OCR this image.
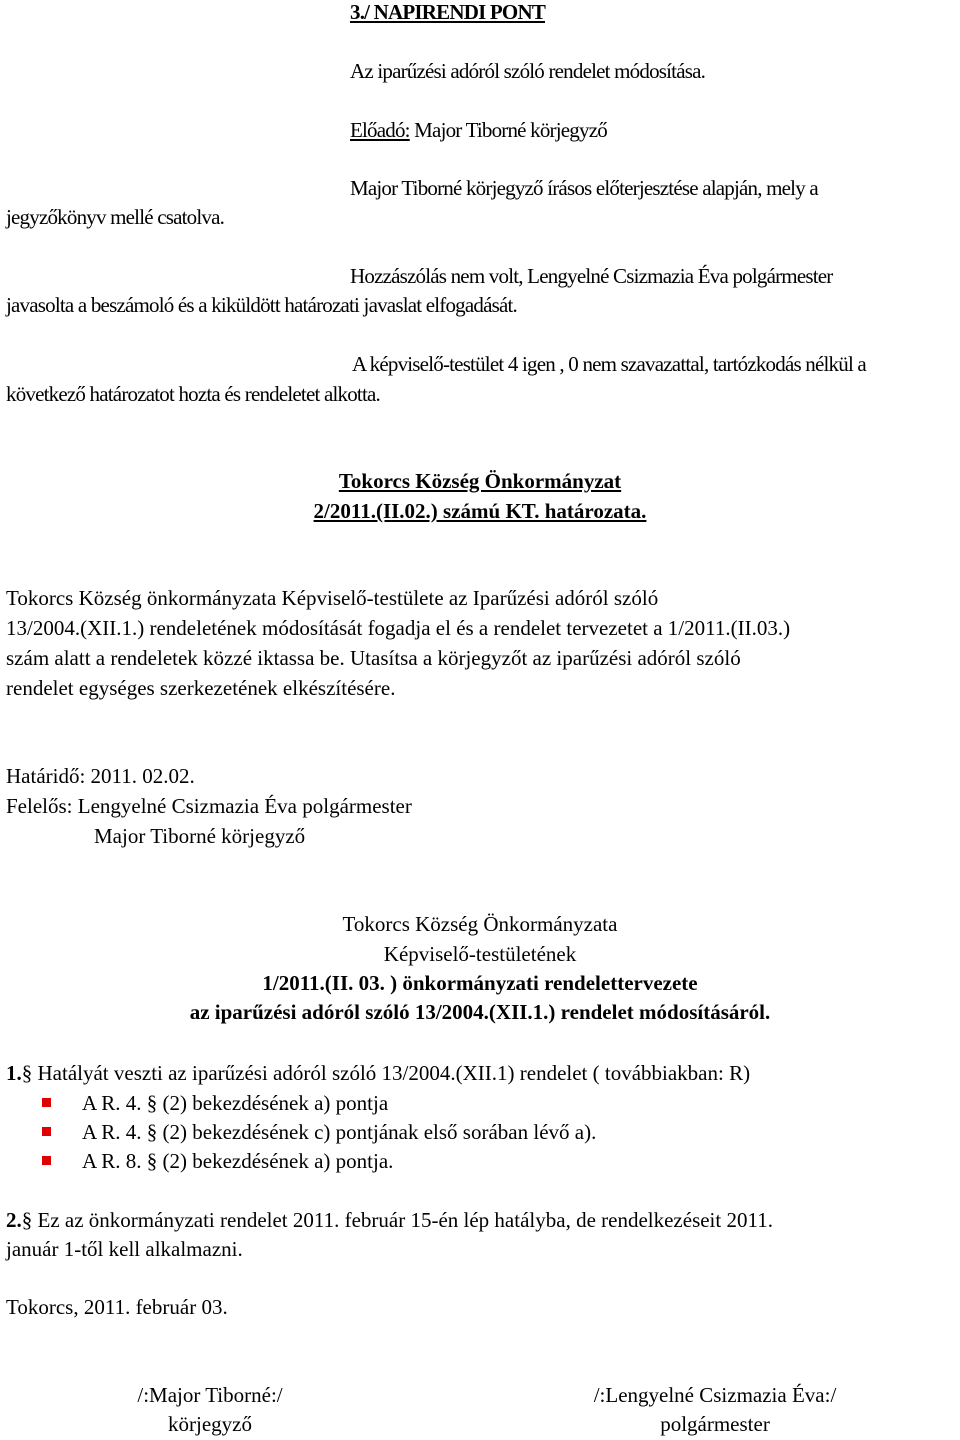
3./ NAPIRENDI PONT
Az iparűzési adóról szóló rendelet módosítása.
Előadó: Major Tiborné körjegyző
Major Tiborné körjegyző írásos előterjesztése alapján, mely a
jegyzőkönyv mellé csatolva.
Hozzászólás nem volt, Lengyelné Csizmazia Éva polgármester
javasolta a beszámoló és a kiküldött határozati javaslat elfogadását.
A képviselő-testület 4 igen , 0 nem szavazattal, tartózkodás nélkül a
következő határozatot hozta és rendeletet alkotta.
Tokorcs Község Önkormányzat
2/2011.(II.02.) számú KT. határozata.
Tokorcs Község önkormányzata Képviselő-testülete az Iparűzési adóról szóló
13/2004.(XII.1.) rendeletének módosítását fogadja el és a rendelet tervezetet a 1/2011.(II.03.)
szám alatt a rendeletek közzé iktassa be. Utasítsa a körjegyzőt az iparűzési adóról szóló
rendelet egységes szerkezetének elkészítésére.
Határidő: 2011. 02.02.
Felelős: Lengyelné Csizmazia Éva polgármester
Major Tiborné körjegyző
Tokorcs Község Önkormányzata
Képviselő-testületének
1/2011.(II. 03. ) önkormányzati rendelettervezete
az iparűzési adóról szóló 13/2004.(XII.1.) rendelet módosításáról.
1.§ Hatályát veszti az iparűzési adóról szóló 13/2004.(XII.1) rendelet ( továbbiakban: R)
A R. 4. § (2) bekezdésének a) pontja
A R. 4. § (2) bekezdésének c) pontjának első sorában lévő a).
A R. 8. § (2) bekezdésének a) pontja.
2.§ Ez az önkormányzati rendelet 2011. február 15-én lép hatályba, de rendelkezéseit 2011.
január 1-től kell alkalmazni.
Tokorcs, 2011. február 03.
/:Major Tiborné:/
körjegyző
/:Lengyelné Csizmazia Éva:/
polgármester
